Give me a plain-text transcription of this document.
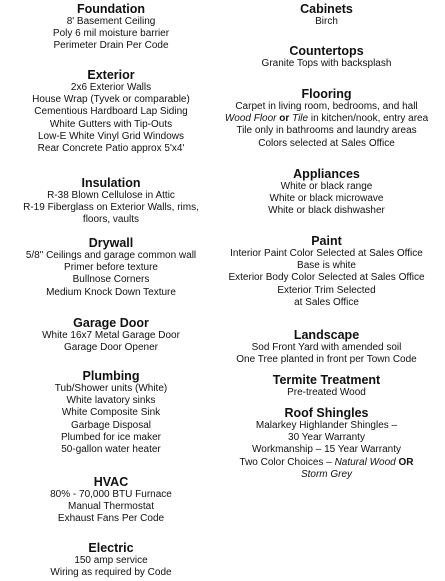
Foundation
8' Basement Ceiling
Poly 6 mil moisture barrier
Perimeter Drain Per Code
Exterior
2x6 Exterior Walls
House Wrap (Tyvek or comparable)
Cementious Hardboard Lap Siding
White Gutters with Tip-Outs
Low-E White Vinyl Grid Windows
Rear Concrete Patio approx 5'x4'
Insulation
R-38 Blown Cellulose in Attic
R-19 Fiberglass on Exterior Walls, rims,
floors, vaults
Drywall
5/8" Ceilings and garage common wall
Primer before texture
Bullnose Corners
Medium Knock Down Texture
Garage Door
White 16x7 Metal Garage Door
Garage Door Opener
Plumbing
Tub/Shower units (White)
White lavatory sinks
White Composite Sink
Garbage Disposal
Plumbed for ice maker
50-gallon water heater
HVAC
80% - 70,000 BTU Furnace
Manual Thermostat
Exhaust Fans Per Code
Electric
150 amp service
Wiring as required by Code
Cabinets
Birch
Countertops
Granite Tops with backsplash
Flooring
Carpet in living room, bedrooms, and hall
Wood Floor or Tile in kitchen/nook, entry area
Tile only in bathrooms and laundry areas
Colors selected at Sales Office
Appliances
White or black range
White or black microwave
White or black dishwasher
Paint
Interior Paint Color Selected at Sales Office
Base is white
Exterior Body Color Selected at Sales Office
Exterior Trim Selected
at Sales Office
Landscape
Sod Front Yard with amended soil
One Tree planted in front per Town Code
Termite Treatment
Pre-treated Wood
Roof Shingles
Malarkey Highlander Shingles –
30 Year Warranty
Workmanship – 15 Year Warranty
Two Color Choices – Natural Wood OR
Storm Grey
